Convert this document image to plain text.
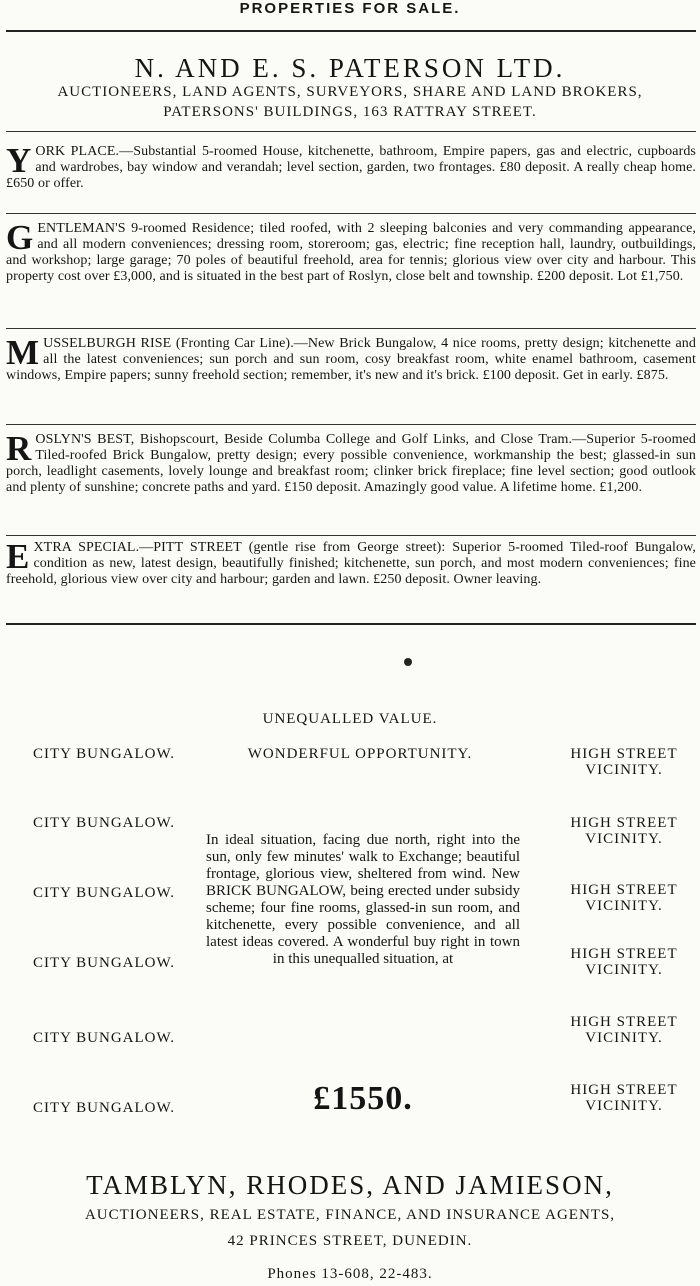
PROPERTIES FOR SALE.
N. AND E. S. PATERSON LTD.
AUCTIONEERS, LAND AGENTS, SURVEYORS, SHARE AND LAND BROKERS,
PATERSONS' BUILDINGS, 163 RATTRAY STREET.
YORK PLACE.—Substantial 5-roomed House, kitchenette, bathroom, Empire papers, gas and electric, cupboards and wardrobes, bay window and verandah; level section, garden, two frontages. £80 deposit. A really cheap home. £650 or offer.
GENTLEMAN'S 9-roomed Residence; tiled roofed, with 2 sleeping balconies and very commanding appearance, and all modern conveniences; dressing room, storeroom; gas, electric; fine reception hall, laundry, outbuildings, and workshop; large garage; 70 poles of beautiful freehold, area for tennis; glorious view over city and harbour. This property cost over £3,000, and is situated in the best part of Roslyn, close belt and township. £200 deposit. Lot £1,750.
MUSSELBURGH RISE (Fronting Car Line).—New Brick Bungalow, 4 nice rooms, pretty design; kitchenette and all the latest conveniences; sun porch and sun room, cosy breakfast room, white enamel bathroom, casement windows, Empire papers; sunny freehold section; remember, it's new and it's brick. £100 deposit. Get in early. £875.
ROSLYN'S BEST, Bishopscourt, Beside Columba College and Golf Links, and Close Tram.—Superior 5-roomed Tiled-roofed Brick Bungalow, pretty design; every possible convenience, workmanship the best; glassed-in sun porch, leadlight casements, lovely lounge and breakfast room; clinker brick fireplace; fine level section; good outlook and plenty of sunshine; concrete paths and yard. £150 deposit. Amazingly good value. A lifetime home. £1,200.
EXTRA SPECIAL.—PITT STREET (gentle rise from George street): Superior 5-roomed Tiled-roof Bungalow, condition as new, latest design, beautifully finished; kitchenette, sun porch, and most modern conveniences; fine freehold, glorious view over city and harbour; garden and lawn. £250 deposit. Owner leaving.
UNEQUALLED VALUE.
WONDERFUL OPPORTUNITY.
CITY BUNGALOW.
CITY BUNGALOW.
CITY BUNGALOW.
CITY BUNGALOW.
CITY BUNGALOW.
CITY BUNGALOW.
HIGH STREET
VICINITY.
HIGH STREET
VICINITY.
HIGH STREET
VICINITY.
HIGH STREET
VICINITY.
HIGH STREET
VICINITY.
HIGH STREET
VICINITY.
In ideal situation, facing due north, right into the sun, only few minutes' walk to Exchange; beautiful frontage, glorious view, sheltered from wind. New BRICK BUNGALOW, being erected under subsidy scheme; four fine rooms, glassed-in sun room, and kitchenette, every possible convenience, and all latest ideas covered. A wonderful buy right in town in this unequalled situation, at
£1550.
TAMBLYN, RHODES, AND JAMIESON,
AUCTIONEERS, REAL ESTATE, FINANCE, AND INSURANCE AGENTS,
42 PRINCES STREET, DUNEDIN.
Phones 13-608, 22-483.
